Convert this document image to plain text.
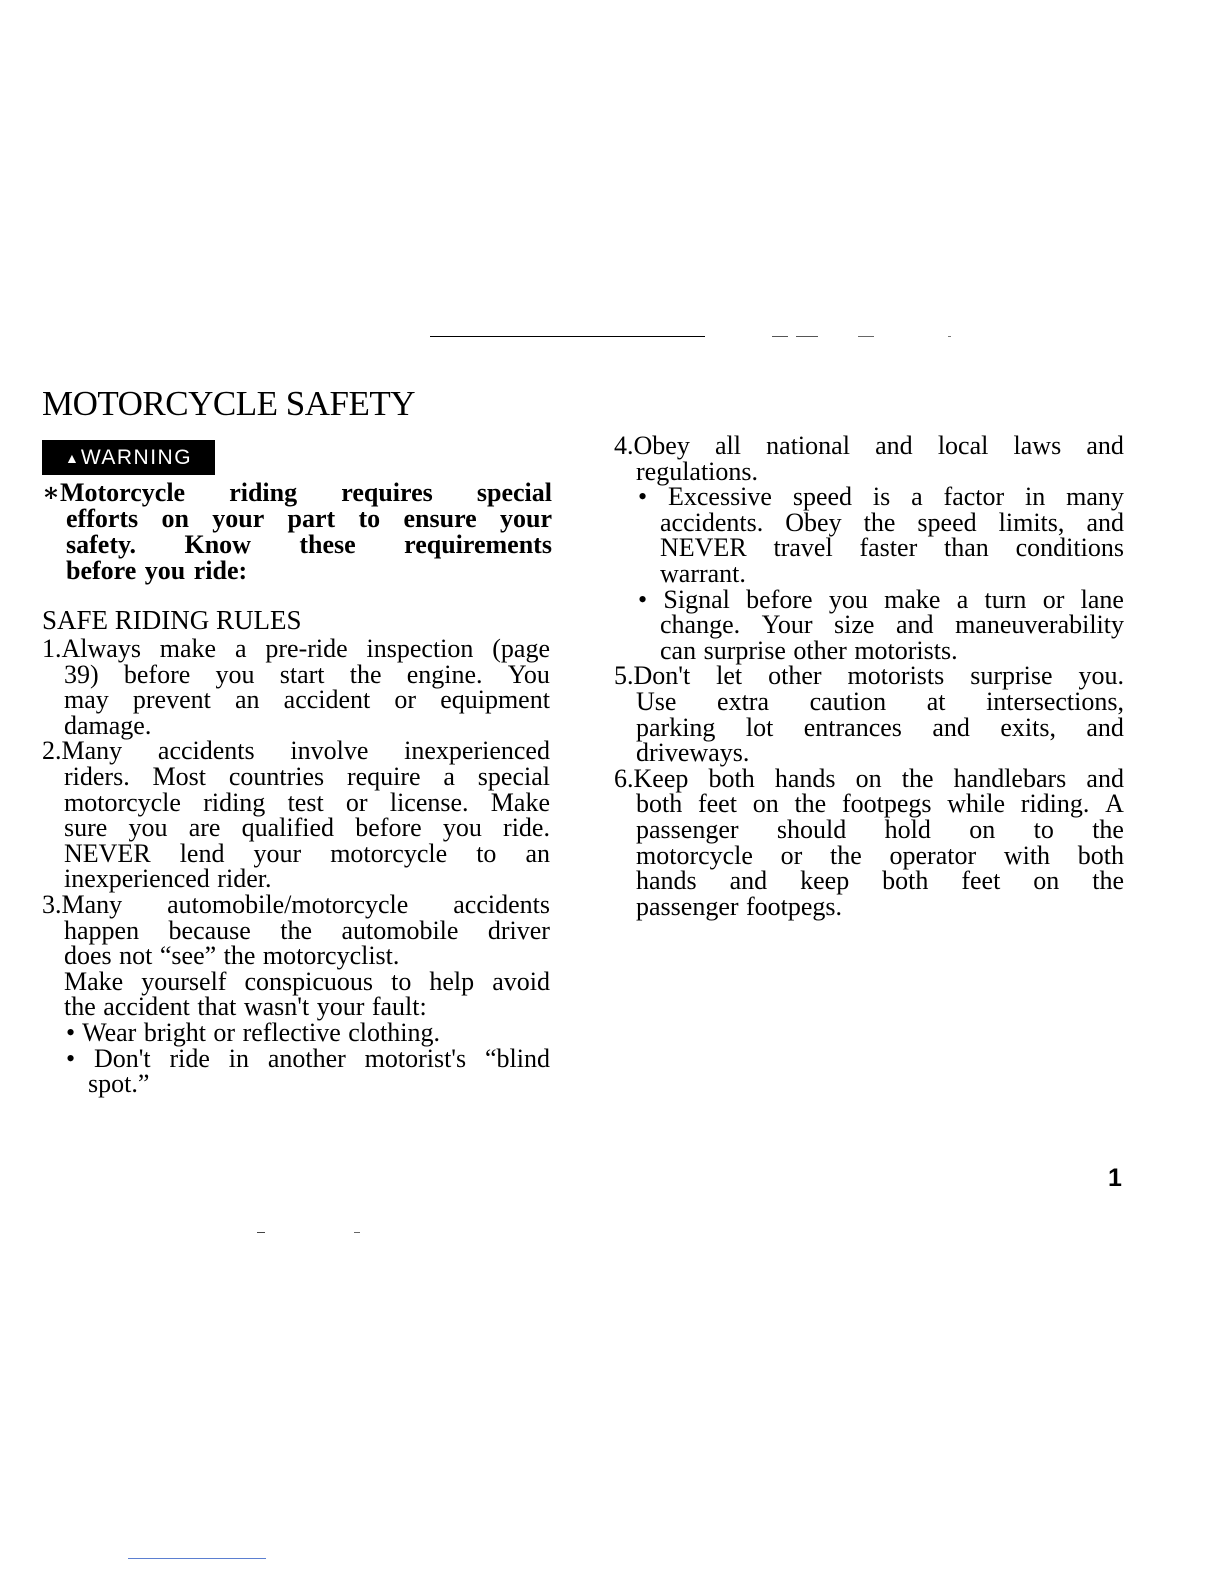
MOTORCYCLE SAFETY
▲ WARNING
∗Motorcycle riding requires special
efforts on your part to ensure your
safety. Know these requirements
before you ride:
SAFE RIDING RULES
1.Always make a pre-ride inspection (page
39) before you start the engine. You
may prevent an accident or equipment
damage.
2.Many accidents involve inexperienced
riders. Most countries require a special
motorcycle riding test or license. Make
sure you are qualified before you ride.
NEVER lend your motorcycle to an
inexperienced rider.
3.Many automobile/motorcycle accidents
happen because the automobile driver
does not “see” the motorcyclist.
Make yourself conspicuous to help avoid
the accident that wasn't your fault:
• Wear bright or reflective clothing.
• Don't ride in another motorist's “blind
spot.”
4.Obey all national and local laws and
regulations.
• Excessive speed is a factor in many
accidents. Obey the speed limits, and
NEVER travel faster than conditions
warrant.
• Signal before you make a turn or lane
change. Your size and maneuverability
can surprise other motorists.
5.Don't let other motorists surprise you.
Use extra caution at intersections,
parking lot entrances and exits, and
driveways.
6.Keep both hands on the handlebars and
both feet on the footpegs while riding. A
passenger should hold on to the
motorcycle or the operator with both
hands and keep both feet on the
passenger footpegs.
1
